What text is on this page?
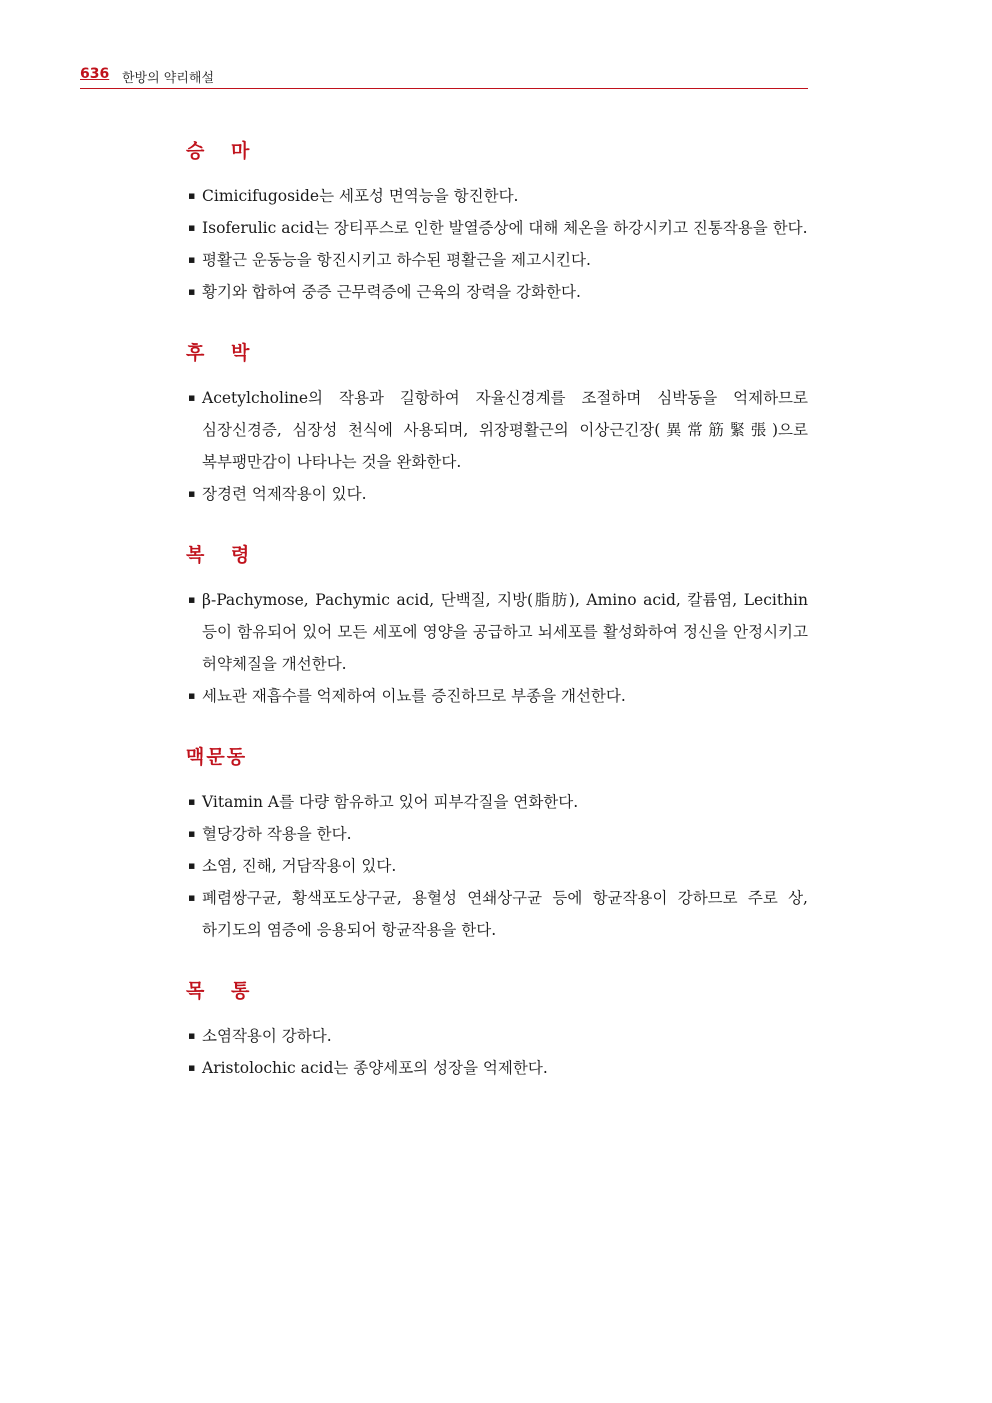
636 한방의 약리해설
승 마
▪ Cimicifugoside는 세포성 면역능을 항진한다.
▪ Isoferulic acid는 장티푸스로 인한 발열증상에 대해 체온을 하강시키고 진통작용을 한다.
▪ 평활근 운동능을 항진시키고 하수된 평활근을 제고시킨다.
▪ 황기와 합하여 중증 근무력증에 근육의 장력을 강화한다.
후 박
▪ Acetylcholine의 작용과 길항하여 자율신경계를 조절하며 심박동을 억제하므로 심장신경증, 심장성 천식에 사용되며, 위장평활근의 이상근긴장(異常筋緊張)으로 복부팽만감이 나타나는 것을 완화한다.
▪ 장경련 억제작용이 있다.
복 령
▪ β-Pachymose, Pachymic acid, 단백질, 지방(脂肪), Amino acid, 칼륨염, Lecithin 등이 함유되어 있어 모든 세포에 영양을 공급하고 뇌세포를 활성화하여 정신을 안정시키고 허약체질을 개선한다.
▪ 세뇨관 재흡수를 억제하여 이뇨를 증진하므로 부종을 개선한다.
맥문동
▪ Vitamin A를 다량 함유하고 있어 피부각질을 연화한다.
▪ 혈당강하 작용을 한다.
▪ 소염, 진해, 거담작용이 있다.
▪ 폐렴쌍구균, 황색포도상구균, 용혈성 연쇄상구균 등에 항균작용이 강하므로 주로 상, 하기도의 염증에 응용되어 항균작용을 한다.
목 통
▪ 소염작용이 강하다.
▪ Aristolochic acid는 종양세포의 성장을 억제한다.
